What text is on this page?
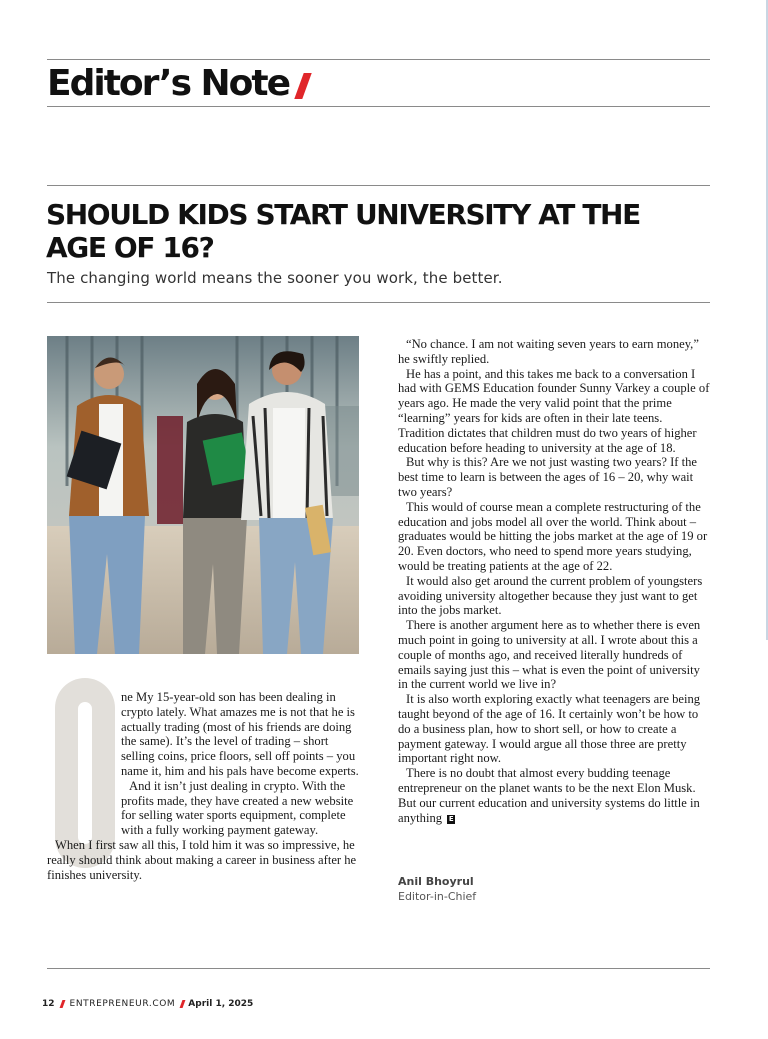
Editor’s Note
SHOULD KIDS START UNIVERSITY AT THE AGE OF 16?
The changing world means the sooner you work, the better.

ne My 15-year-old son has been dealing in crypto lately. What amazes me is not that he is actually trading (most of his friends are doing the same). It’s the level of trading – short selling coins, price floors, sell off points – you name it, him and his pals have become experts.

And it isn’t just dealing in crypto. With the profits made, they have created a new website for selling water sports equipment, complete with a fully working payment gateway.

When I first saw all this, I told him it was so impressive, he really should think about making a career in business after he finishes university.

“No chance. I am not waiting seven years to earn money,” he swiftly replied.

He has a point, and this takes me back to a conversation I had with GEMS Education founder Sunny Varkey a couple of years ago. He made the very valid point that the prime “learning” years for kids are often in their late teens. Tradition dictates that children must do two years of higher education before heading to university at the age of 18.

But why is this? Are we not just wasting two years? If the best time to learn is between the ages of 16 – 20, why wait two years?

This would of course mean a complete restructuring of the education and jobs model all over the world. Think about – graduates would be hitting the jobs market at the age of 19 or 20. Even doctors, who need to spend more years studying, would be treating patients at the age of 22.

It would also get around the current problem of youngsters avoiding university altogether because they just want to get into the jobs market.

There is another argument here as to whether there is even much point in going to university at all. I wrote about this a couple of months ago, and received literally hundreds of emails saying just this – what is even the point of university in the current world we live in?

It is also worth exploring exactly what teenagers are being taught beyond of the age of 16. It certainly won’t be how to do a business plan, how to short sell, or how to create a payment gateway. I would argue all those three are pretty important right now.

There is no doubt that almost every budding teenage entrepreneur on the planet wants to be the next Elon Musk. But our current education and university systems do little in anything E

Anil Bhoyrul
Editor-in-Chief
12 ENTREPRENEUR.COM April 1, 2025
